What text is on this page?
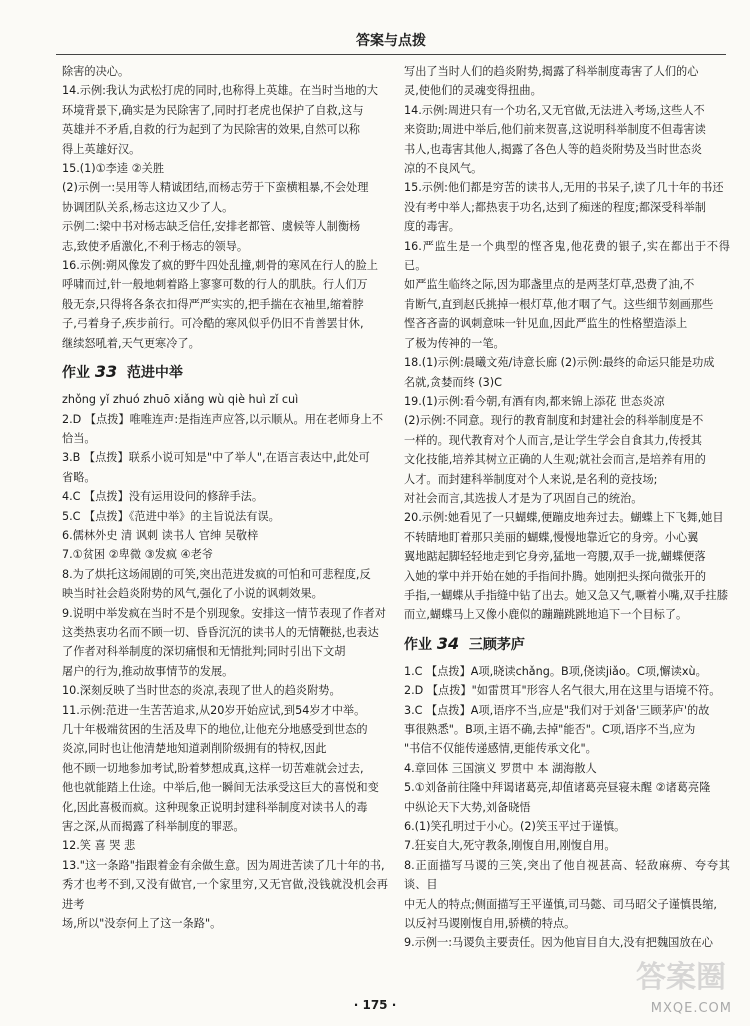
答案与点拨

除害的决心。

14.示例:我认为武松打虎的同时,也称得上英雄。在当时当地的大

环境背景下,确实是为民除害了,同时打老虎也保护了自救,这与

英雄并不矛盾,自救的行为起到了为民除害的效果,自然可以称

得上英雄好汉。

15.(1)①李逵 ②关胜

(2)示例一:吴用等人精诚团结,而杨志劳于下蛮横粗暴,不会处理

协调团队关系,杨志这边又少了人。

示例二:梁中书对杨志缺乏信任,安排老都管、虞候等人制衡杨

志,致使矛盾激化,不利于杨志的领导。

16.示例:朔风像发了疯的野牛四处乱撞,刺骨的寒风在行人的脸上

呼啸而过,针一般地刺着路上寥寥可数的行人的肌肤。行人们万

般无奈,只得将各条衣扣得严严实实的,把手揣在衣袖里,缩着脖

子,弓着身子,疾步前行。可冷酷的寒风似乎仍旧不肯善罢甘休,

继续怒吼着,天气更寒冷了。

作业 33 范进中举

zhǒng yǐ zhuó zhuō xiǎng wù qiè huì zǐ cuì

2.D 【点拨】唯唯连声:是指连声应答,以示顺从。用在老师身上不

恰当。

3.B 【点拨】联系小说可知是"中了举人",在语言表达中,此处可

省略。

4.C 【点拨】没有运用设问的修辞手法。

5.C 【点拨】《范进中举》的主旨说法有误。

6.儒林外史 清 讽刺 读书人 官绅 吴敬梓

7.①贫困 ②卑微 ③发疯 ④老爷

8.为了烘托这场闹剧的可笑,突出范进发疯的可怕和可悲程度,反

映当时社会趋炎附势的风气,强化了小说的讽刺效果。

9.说明中举发疯在当时不是个别现象。安排这一情节表现了作者对

这类热衷功名而不顾一切、昏昏沉沉的读书人的无情鞭挞,也表达

了作者对科举制度的深切痛恨和无情批判;同时引出下文胡

屠户的行为,推动故事情节的发展。

10.深刻反映了当时世态的炎凉,表现了世人的趋炎附势。

11.示例:范进一生苦苦追求,从20岁开始应试,到54岁才中举。

几十年极端贫困的生活及卑下的地位,让他充分地感受到世态的

炎凉,同时也让他清楚地知道剥削阶级拥有的特权,因此

他不顾一切地参加考试,盼着梦想成真,这样一切苦难就会过去,

他也就能踏上仕途。中举后,他一瞬间无法承受这巨大的喜悦和变

化,因此喜极而疯。这种现象正说明封建科举制度对读书人的毒

害之深,从而揭露了科举制度的罪恶。

12.笑 喜 哭 悲

13."这一条路"指跟着金有余做生意。因为周进苦读了几十年的书,

秀才也考不到,又没有做官,一个家里穷,又无官做,没钱就没机会再进考

场,所以"没奈何上了这一条路"。

写出了当时人们的趋炎附势,揭露了科举制度毒害了人们的心

灵,使他们的灵魂变得扭曲。

14.示例:周进只有一个功名,又无官做,无法进入考场,这些人不

来资助;周进中举后,他们前来贺喜,这说明科举制度不但毒害读

书人,也毒害其他人,揭露了各色人等的趋炎附势及当时世态炎

凉的不良风气。

15.示例:他们都是穷苦的读书人,无用的书呆子,读了几十年的书还

没有考中举人;都热衷于功名,达到了痴迷的程度;都深受科举制

度的毒害。

16.严监生是一个典型的悭吝鬼,他花费的银子,实在都出于不得已。

如严监生临终之际,因为耶盏里点的是两茎灯草,恐费了油,不

肯断气,直到赵氏挑掉一根灯草,他才咽了气。这些细节刻画那些

悭吝吝啬的讽刺意味一针见血,因此严监生的性格塑造添上

了极为传神的一笔。

18.(1)示例:晨曦文苑/诗意长廊 (2)示例:最终的命运只能是功成

名就,贪婪而终 (3)C

19.(1)示例:看今朝,有酒有肉,都来锦上添花 世态炎凉

(2)示例:不同意。现行的教育制度和封建社会的科举制度是不

一样的。现代教育对个人而言,是让学生学会自食其力,传授其

文化技能,培养其树立正确的人生观;就社会而言,是培养有用的

人才。而封建科举制度对个人来说,是名利的竞技场;

对社会而言,其选拔人才是为了巩固自己的统治。

20.示例:她看见了一只蝴蝶,便蹦皮地奔过去。蝴蝶上下飞舞,她目

不转睛地盯着那只美丽的蝴蝶,慢慢地靠近它的身旁。小心翼

翼地踮起脚轻轻地走到它身旁,猛地一弯腰,双手一拢,蝴蝶便落

入她的掌中并开始在她的手指间扑腾。她刚把头探向微张开的

手指,一蝴蝶从手指缝中钻了出去。她又急又气,噘着小嘴,双手拄膝

而立,蝴蝶马上又像小鹿似的蹦蹦跳跳地追下一个目标了。

作业 34 三顾茅庐

1.C 【点拨】A项,晓读chǎng。B项,侥读jiǎo。C项,懈读xù。

2.D 【点拨】"如雷贯耳"形容人名气很大,用在这里与语境不符。

3.C 【点拨】A项,语序不当,应是"我们对于刘备'三顾茅庐'的故

事很熟悉"。B项,主语不确,去掉"能否"。C项,语序不当,应为

"书信不仅能传递感情,更能传承文化"。

4.章回体 三国演义 罗贯中 本 湖海散人

5.①刘备前往隆中拜谒诸葛亮,却值诸葛亮昼寝未醒 ②诸葛亮隆

中纵论天下大势,刘备晓悟

6.(1)笑孔明过于小心。(2)笑玉平过于谨慎。

7.狂妄自大,死守教条,刚愎自用,刚愎自用。

8.正面描写马谡的三笑,突出了他自视甚高、轻敌麻痹、夸夸其谈、目

中无人的特点;侧面描写王平谨慎,司马懿、司马昭父子谨慎畏缩,

以反衬马谡刚愎自用,骄横的特点。

9.示例一:马谡负主要责任。因为他盲目自大,没有把魏国放在心

· 175 ·
答案圈
MXQE.COM
